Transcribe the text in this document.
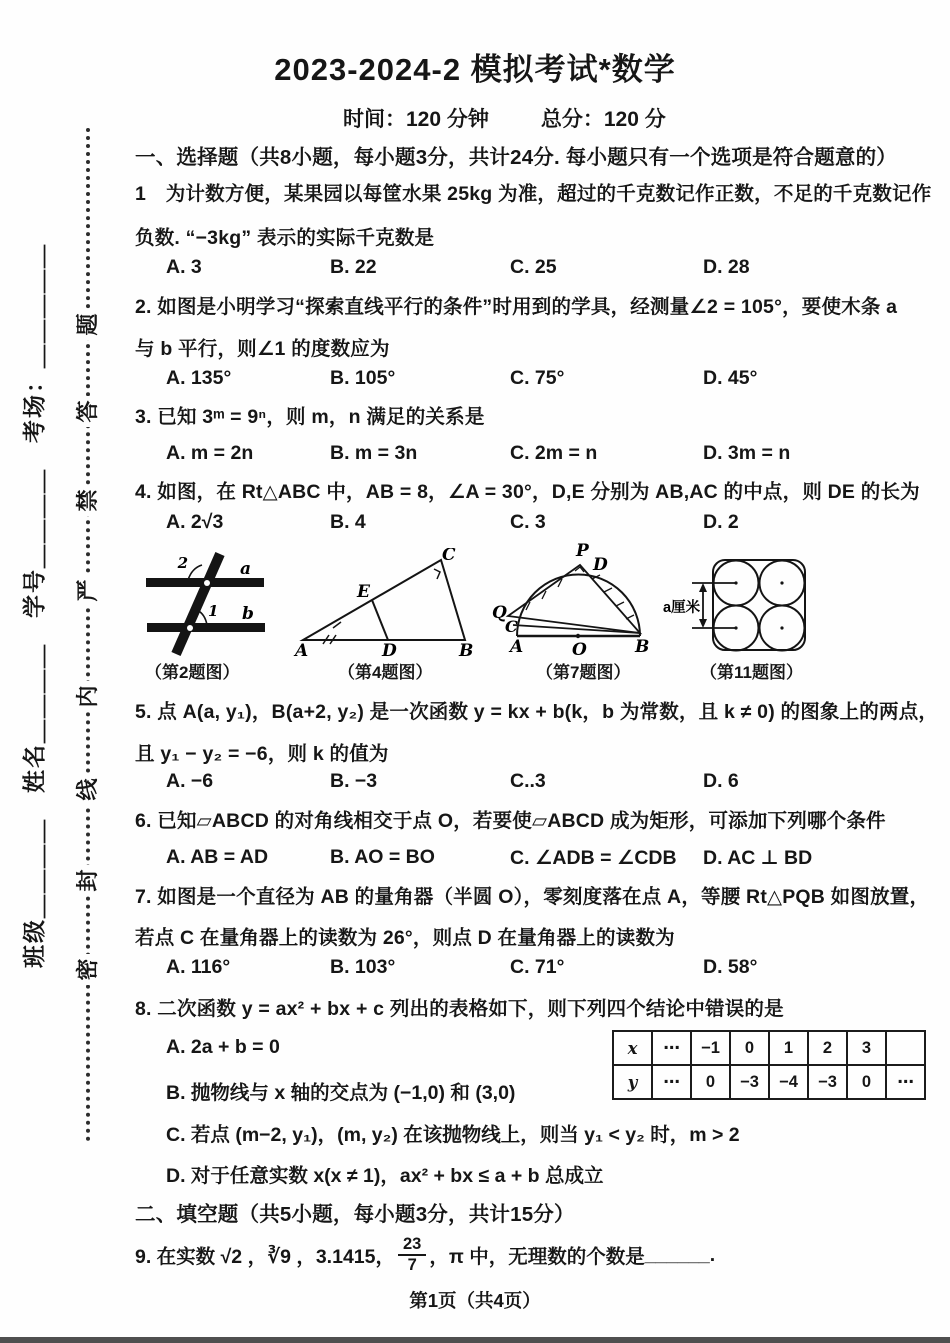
2023-2024-2 模拟考试*数学
时间：120 分钟 总分：120 分
题
答
禁
严
内
线
封
密
班级＿＿＿＿　姓名＿＿＿＿　学号＿＿＿＿　考场：＿＿＿＿＿
一、选择题（共8小题，每小题3分，共计24分. 每小题只有一个选项是符合题意的）
1　为计数方便，某果园以每筐水果 25kg 为准，超过的千克数记作正数，不足的千克数记作
负数. “−3kg” 表示的实际千克数是
A. 3	B. 22	C. 25	D. 28
2. 如图是小明学习“探索直线平行的条件”时用到的学具，经测量∠2 = 105°，要使木条 a
与 b 平行，则∠1 的度数应为
A. 135°	B. 105°	C. 75°	D. 45°
3. 已知 3ᵐ = 9ⁿ，则 m，n 满足的关系是
A. m = 2n	B. m = 3n	C. 2m = n	D. 3m = n
4. 如图，在 Rt△ABC 中，AB = 8，∠A = 30°，D,E 分别为 AB,AC 的中点，则 DE 的长为
A. 2√3	B. 4	C. 3	D. 2
2
1
a
b
A	D	B
C
E
A	O	B
P
D
Q
C
a厘米
（第2题图）	（第4题图）	（第7题图）	（第11题图）
5. 点 A(a, y₁)，B(a+2, y₂) 是一次函数 y = kx + b(k，b 为常数，且 k ≠ 0) 的图象上的两点，
且 y₁ − y₂ = −6，则 k 的值为
A. −6	B. −3	C..3	D. 6
6. 已知▱ABCD 的对角线相交于点 O，若要使▱ABCD 成为矩形，可添加下列哪个条件
A. AB = AD	B. AO = BO	C. ∠ADB = ∠CDB	D. AC ⊥ BD
7. 如图是一个直径为 AB 的量角器（半圆 O），零刻度落在点 A，等腰 Rt△PQB 如图放置，
若点 C 在量角器上的读数为 26°，则点 D 在量角器上的读数为
A. 116°	B. 103°	C. 71°	D. 58°
8. 二次函数 y = ax² + bx + c 列出的表格如下，则下列四个结论中错误的是
A. 2a + b = 0
B. 抛物线与 x 轴的交点为 (−1,0) 和 (3,0)
C. 若点 (m−2, y₁)，(m, y₂) 在该抛物线上，则当 y₁ < y₂ 时，m > 2
D. 对于任意实数 x(x ≠ 1)，ax² + bx ≤ a + b 总成立
x	⋯	−1	0	1	2	3	
y	⋯	0	−3	−4	−3	0	⋯
二、填空题（共5小题，每小题3分，共计15分）
9. 在实数 √2 ，∛9 ，3.1415， $\frac{23}{7}$ ，π 中，无理数的个数是 ______.
第1页（共4页）
